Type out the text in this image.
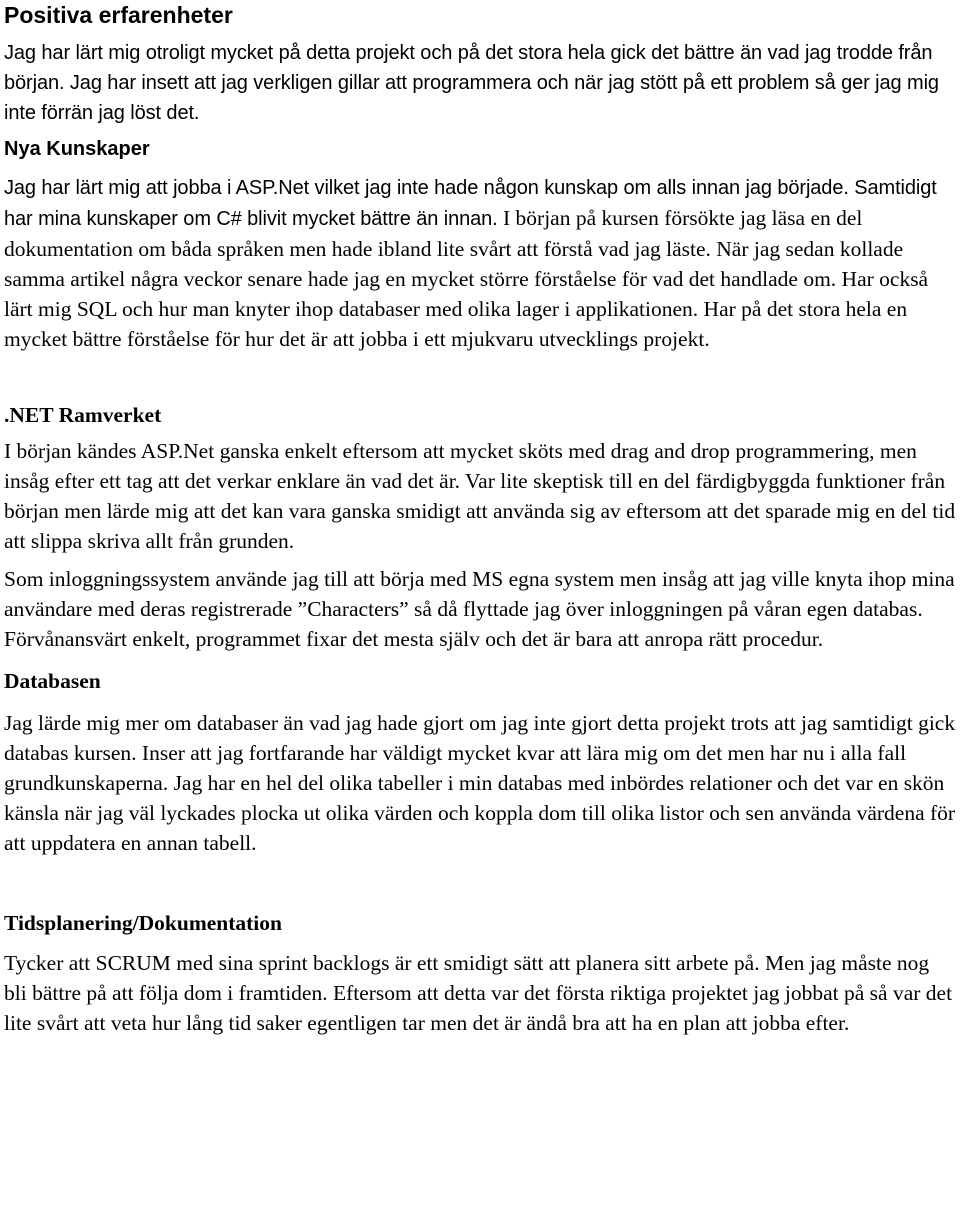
Positiva erfarenheter

Jag har lärt mig otroligt mycket på detta projekt och på det stora hela gick det bättre än vad jag trodde från början. Jag har insett att jag verkligen gillar att programmera och när jag stött på ett problem så ger jag mig inte förrän jag löst det.

Nya Kunskaper

Jag har lärt mig att jobba i ASP.Net vilket jag inte hade någon kunskap om alls innan jag började. Samtidigt har mina kunskaper om C# blivit mycket bättre än innan. I början på kursen försökte jag läsa en del dokumentation om båda språken men hade ibland lite svårt att förstå vad jag läste. När jag sedan kollade samma artikel några veckor senare hade jag en mycket större förståelse för vad det handlade om. Har också lärt mig SQL och hur man knyter ihop databaser med olika lager i applikationen. Har på det stora hela en mycket bättre förståelse för hur det är att jobba i ett mjukvaru utvecklings projekt.

.NET Ramverket

I början kändes ASP.Net ganska enkelt eftersom att mycket sköts med drag and drop programmering, men insåg efter ett tag att det verkar enklare än vad det är. Var lite skeptisk till en del färdigbyggda funktioner från början men lärde mig att det kan vara ganska smidigt att använda sig av eftersom att det sparade mig en del tid att slippa skriva allt från grunden.

Som inloggningssystem använde jag till att börja med MS egna system men insåg att jag ville knyta ihop mina användare med deras registrerade ”Characters” så då flyttade jag över inloggningen på våran egen databas. Förvånansvärt enkelt, programmet fixar det mesta själv och det är bara att anropa rätt procedur.

Databasen

Jag lärde mig mer om databaser än vad jag hade gjort om jag inte gjort detta projekt trots att jag samtidigt gick databas kursen. Inser att jag fortfarande har väldigt mycket kvar att lära mig om det men har nu i alla fall grundkunskaperna. Jag har en hel del olika tabeller i min databas med inbördes relationer och det var en skön känsla när jag väl lyckades plocka ut olika värden och koppla dom till olika listor och sen använda värdena för att uppdatera en annan tabell.

Tidsplanering/Dokumentation

Tycker att SCRUM med sina sprint backlogs är ett smidigt sätt att planera sitt arbete på. Men jag måste nog bli bättre på att följa dom i framtiden. Eftersom att detta var det första riktiga projektet jag jobbat på så var det lite svårt att veta hur lång tid saker egentligen tar men det är ändå bra att ha en plan att jobba efter.
